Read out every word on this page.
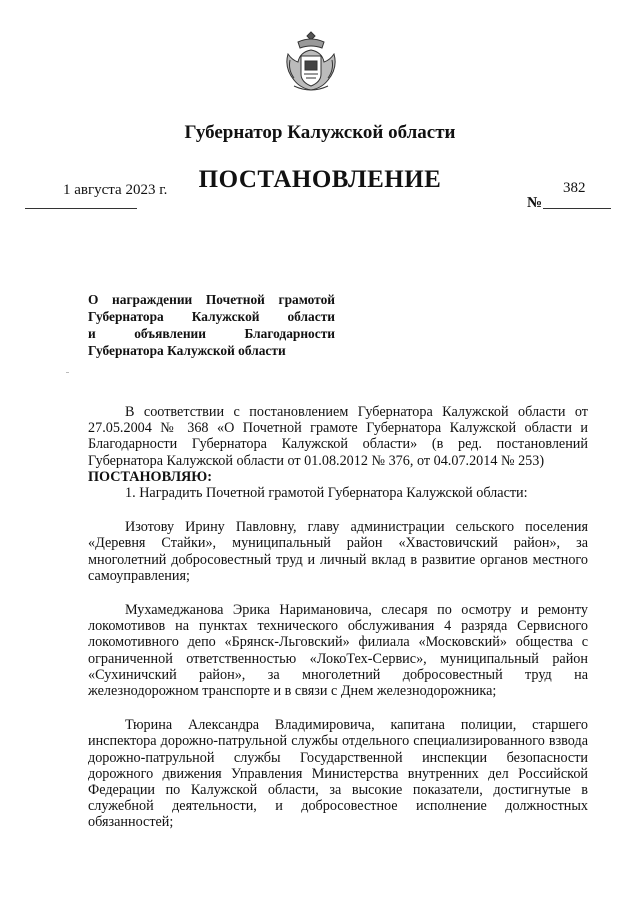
Губернатор Калужской области
ПОСТАНОВЛЕНИЕ
1 августа 2023 г.
№
382
О награждении Почетной грамотой
Губернатора Калужской области
и объявлении Благодарности
Губернатора Калужской области

В соответствии с постановлением Губернатора Калужской области от 27.05.2004 № 368 «О Почетной грамоте Губернатора Калужской области и Благодарности Губернатора Калужской области» (в ред. постановлений Губернатора Калужской области от 01.08.2012 № 376, от 04.07.2014 № 253)

ПОСТАНОВЛЯЮ:

1. Наградить Почетной грамотой Губернатора Калужской области:

Изотову Ирину Павловну, главу администрации сельского поселения «Деревня Стайки», муниципальный район «Хвастовичский район», за многолетний добросовестный труд и личный вклад в развитие органов местного самоуправления;

Мухамеджанова Эрика Наримановича, слесаря по осмотру и ремонту локомотивов на пунктах технического обслуживания 4 разряда Сервисного локомотивного депо «Брянск-Льговский» филиала «Московский» общества с ограниченной ответственностью «ЛокоТех-Сервис», муниципальный район «Сухиничский район», за многолетний добросовестный труд на железнодорожном транспорте и в связи с Днем железнодорожника;

Тюрина Александра Владимировича, капитана полиции, старшего инспектора дорожно-патрульной службы отдельного специализированного взвода дорожно-патрульной службы Государственной инспекции безопасности дорожного движения Управления Министерства внутренних дел Российской Федерации по Калужской области, за высокие показатели, достигнутые в служебной деятельности, и добросовестное исполнение должностных обязанностей;
